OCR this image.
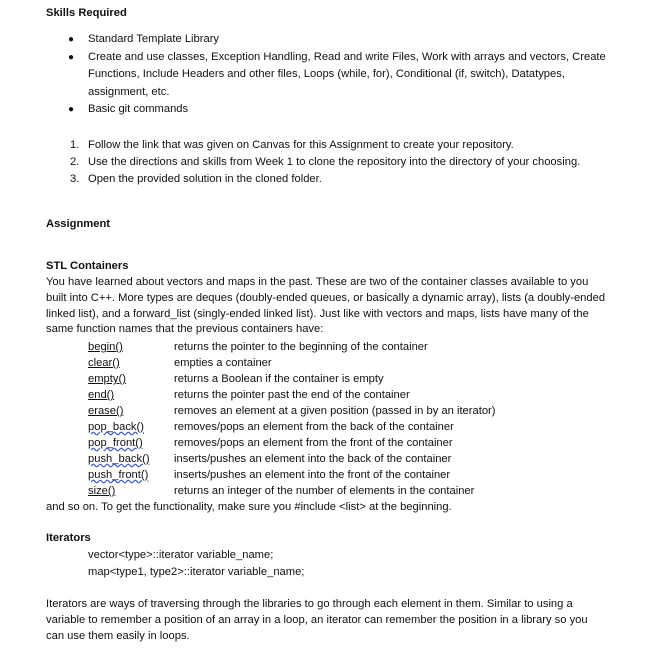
Skills Required
● Standard Template Library
● Create and use classes, Exception Handling, Read and write Files, Work with arrays and vectors, Create Functions, Include Headers and other files, Loops (while, for), Conditional (if, switch), Datatypes, assignment, etc.
● Basic git commands
1. Follow the link that was given on Canvas for this Assignment to create your repository.
2. Use the directions and skills from Week 1 to clone the repository into the directory of your choosing.
3. Open the provided solution in the cloned folder.
Assignment
STL Containers
You have learned about vectors and maps in the past. These are two of the container classes available to you built into C++. More types are deques (doubly-ended queues, or basically a dynamic array), lists (a doubly-ended linked list), and a forward_list (singly-ended linked list). Just like with vectors and maps, lists have many of the same function names that the previous containers have:
begin()	returns the pointer to the beginning of the container
clear()	empties a container
empty()	returns a Boolean if the container is empty
end()	returns the pointer past the end of the container
erase()	removes an element at a given position (passed in by an iterator)
pop_back()	removes/pops an element from the back of the container
pop_front()	removes/pops an element from the front of the container
push_back() inserts/pushes an element into the back of the container
push_front() inserts/pushes an element into the front of the container
size()	returns an integer of the number of elements in the container
and so on. To get the functionality, make sure you #include <list> at the beginning.
Iterators
vector<type>::iterator variable_name;
map<type1, type2>::iterator variable_name;
Iterators are ways of traversing through the libraries to go through each element in them. Similar to using a variable to remember a position of an array in a loop, an iterator can remember the position in a library so you can use them easily in loops.
